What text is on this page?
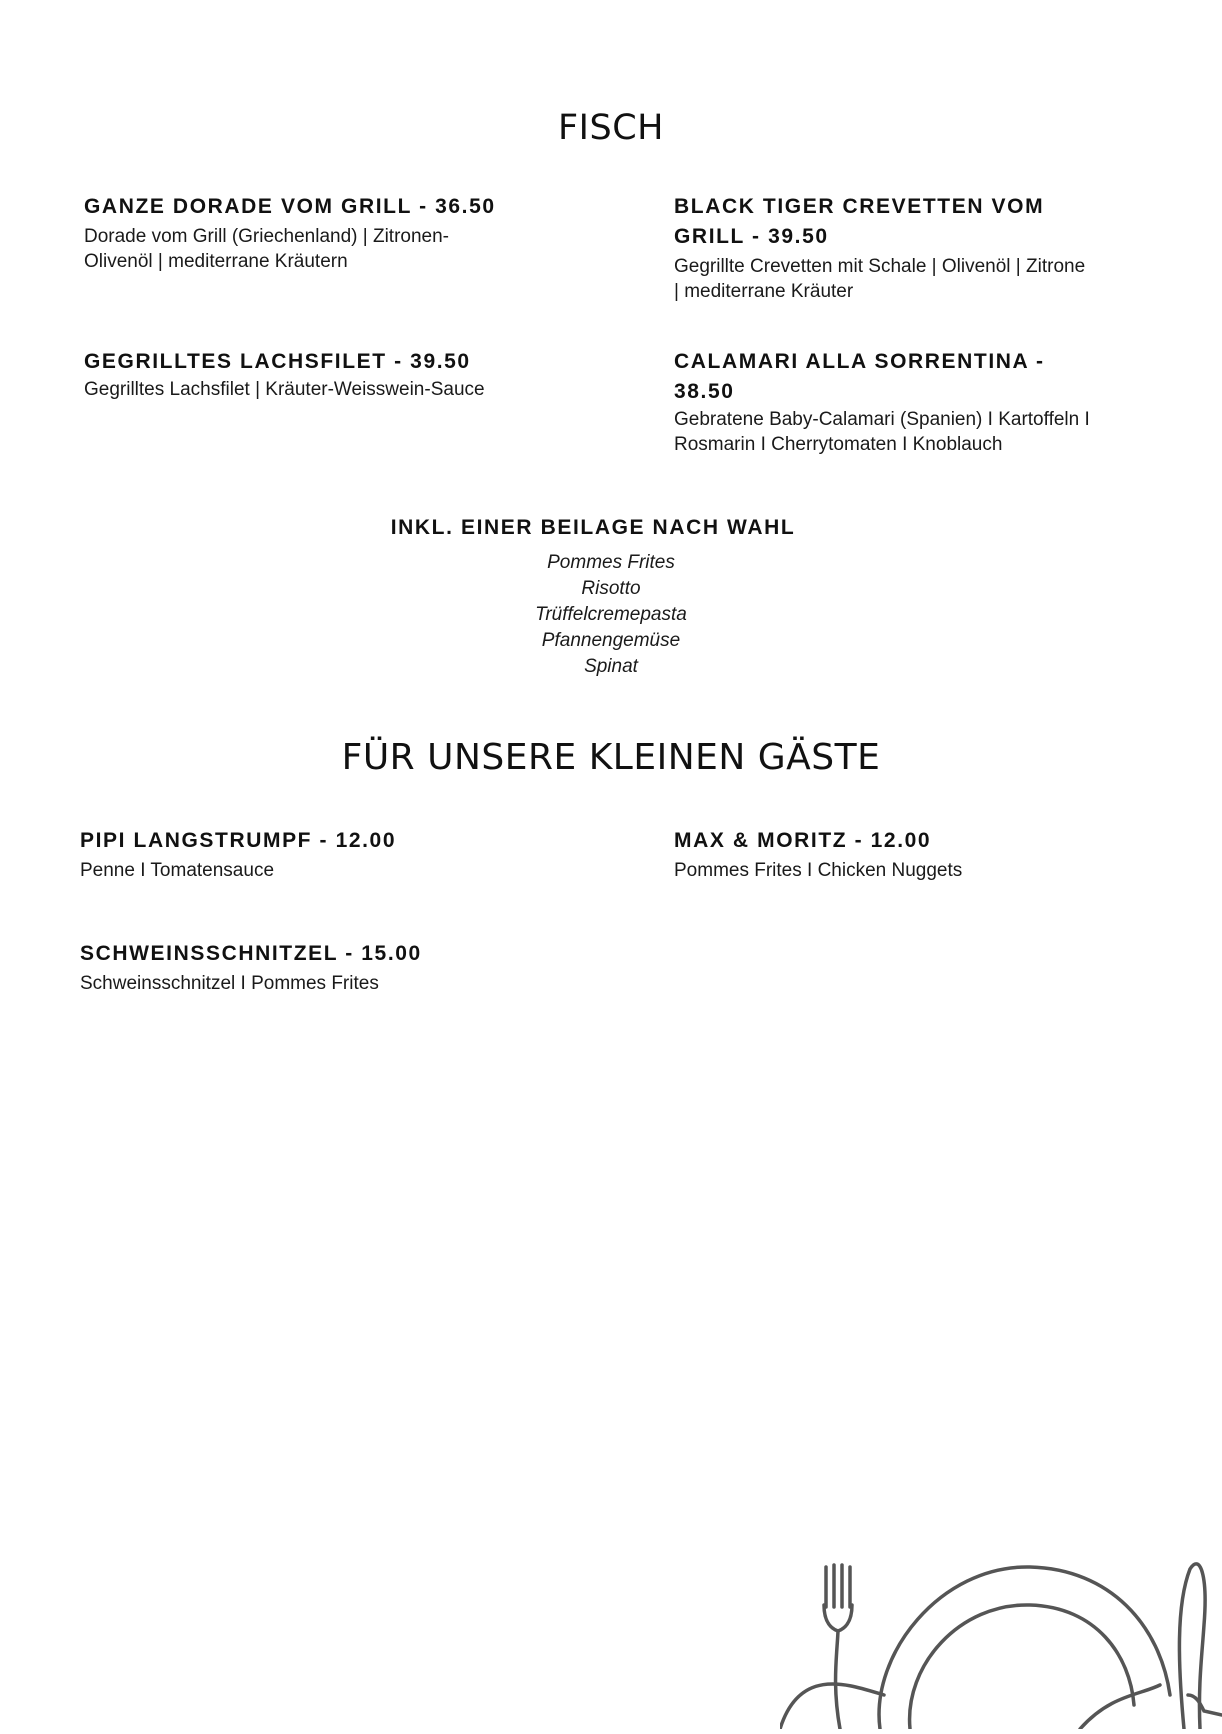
FISCH
GANZE DORADE VOM GRILL - 36.50

Dorade vom Grill (Griechenland) | Zitronen-Olivenöl | mediterrane Kräutern

BLACK TIGER CREVETTEN VOM GRILL - 39.50

Gegrillte Crevetten mit Schale | Olivenöl | Zitrone | mediterrane Kräuter

GEGRILLTES LACHSFILET - 39.50

Gegrilltes Lachsfilet | Kräuter-Weisswein-Sauce

CALAMARI ALLA SORRENTINA - 38.50

Gebratene Baby-Calamari (Spanien) I Kartoffeln I Rosmarin I Cherrytomaten I Knoblauch

INKL. EINER BEILAGE NACH WAHL
Pommes Frites
Risotto
Trüffelcremepasta
Pfannengemüse
Spinat
FÜR UNSERE KLEINEN GÄSTE
PIPI LANGSTRUMPF - 12.00

Penne I Tomatensauce

MAX & MORITZ - 12.00

Pommes Frites I Chicken Nuggets

SCHWEINSSCHNITZEL - 15.00

Schweinsschnitzel I Pommes Frites
